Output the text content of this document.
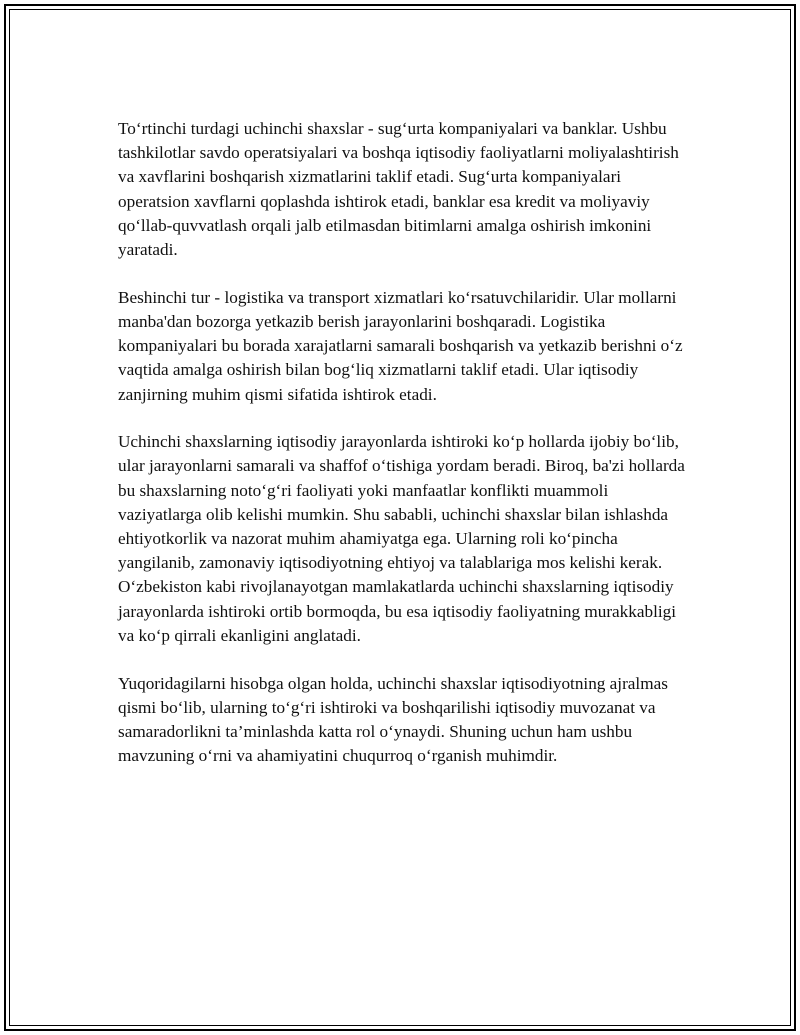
To‘rtinchi turdagi uchinchi shaxslar - sug‘urta kompaniyalari va banklar. Ushbu tashkilotlar savdo operatsiyalari va boshqa iqtisodiy faoliyatlarni moliyalashtirish va xavflarini boshqarish xizmatlarini taklif etadi. Sug‘urta kompaniyalari operatsion xavflarni qoplashda ishtirok etadi, banklar esa kredit va moliyaviy qo‘llab-quvvatlash orqali jalb etilmasdan bitimlarni amalga oshirish imkonini yaratadi.

Beshinchi tur - logistika va transport xizmatlari ko‘rsatuvchilaridir. Ular mollarni manba'dan bozorga yetkazib berish jarayonlarini boshqaradi. Logistika kompaniyalari bu borada xarajatlarni samarali boshqarish va yetkazib berishni o‘z vaqtida amalga oshirish bilan bog‘liq xizmatlarni taklif etadi. Ular iqtisodiy zanjirning muhim qismi sifatida ishtirok etadi.

Uchinchi shaxslarning iqtisodiy jarayonlarda ishtiroki ko‘p hollarda ijobiy bo‘lib, ular jarayonlarni samarali va shaffof o‘tishiga yordam beradi. Biroq, ba'zi hollarda bu shaxslarning noto‘g‘ri faoliyati yoki manfaatlar konflikti muammoli vaziyatlarga olib kelishi mumkin. Shu sababli, uchinchi shaxslar bilan ishlashda ehtiyotkorlik va nazorat muhim ahamiyatga ega. Ularning roli ko‘pincha yangilanib, zamonaviy iqtisodiyotning ehtiyoj va talablariga mos kelishi kerak. O‘zbekiston kabi rivojlanayotgan mamlakatlarda uchinchi shaxslarning iqtisodiy jarayonlarda ishtiroki ortib bormoqda, bu esa iqtisodiy faoliyatning murakkabligi va ko‘p qirrali ekanligini anglatadi.

Yuqoridagilarni hisobga olgan holda, uchinchi shaxslar iqtisodiyotning ajralmas qismi bo‘lib, ularning to‘g‘ri ishtiroki va boshqarilishi iqtisodiy muvozanat va samaradorlikni ta’minlashda katta rol o‘ynaydi. Shuning uchun ham ushbu mavzuning o‘rni va ahamiyatini chuqurroq o‘rganish muhimdir.
